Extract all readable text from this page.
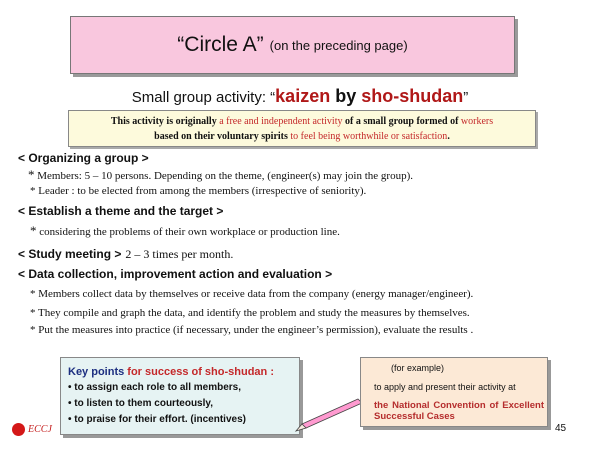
“Circle A” (on the preceding page)
Small group activity: “kaizen by sho-shudan”
This activity is originally a free and independent activity of a small group formed of workers
based on their voluntary spirits to feel being worthwhile or satisfaction.
< Organizing a group >
* Members: 5 – 10 persons. Depending on the theme, (engineer(s) may join the group).
* Leader : to be elected from among the members (irrespective of seniority).
< Establish a theme and the target >
* considering the problems of their own workplace or production line.
< Study meeting > 2 – 3 times per month.
< Data collection, improvement action and evaluation >
* Members collect data by themselves or receive data from the company (energy manager/engineer).
* They compile and graph the data, and identify the problem and study the measures by themselves.
* Put the measures into practice (if necessary, under the engineer’s permission), evaluate the results .
Key points for success of sho-shudan :
• to assign each role to all members,
• to listen to them courteously,
• to praise for their effort. (incentives)
(for example)
to apply and present their activity at
the National Convention of Excellent Successful Cases
ECCJ	45
